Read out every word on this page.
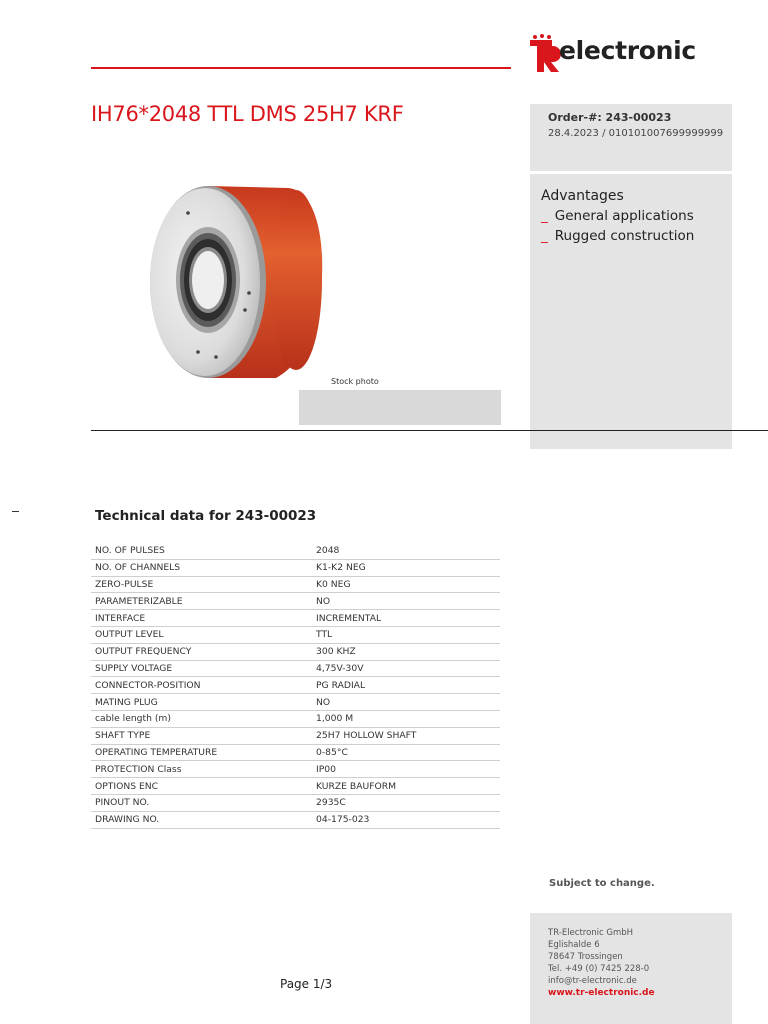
electronic
IH76*2048 TTL DMS 25H7 KRF	Order-#: 243-00023
28.4.2023 / 010101007699999999
Advantages
_ General applications
_ Rugged construction
Stock photo
Technical data for 243-00023
NO. OF PULSES	2048
NO. OF CHANNELS	K1-K2 NEG
ZERO-PULSE	K0 NEG
PARAMETERIZABLE	NO
INTERFACE	INCREMENTAL
OUTPUT LEVEL	TTL
OUTPUT FREQUENCY	300 KHZ
SUPPLY VOLTAGE	4,75V-30V
CONNECTOR-POSITION	PG RADIAL
MATING PLUG	NO
cable length (m)	1,000 M
SHAFT TYPE	25H7 HOLLOW SHAFT
OPERATING TEMPERATURE	0-85°C
PROTECTION Class	IP00
OPTIONS ENC	KURZE BAUFORM
PINOUT NO.	2935C
DRAWING NO.	04-175-023
Subject to change.
TR-Electronic GmbH
Eglishalde 6
78647 Trossingen
Tel. +49 (0) 7425 228-0
info@tr-electronic.de
www.tr-electronic.de
Page 1/3
